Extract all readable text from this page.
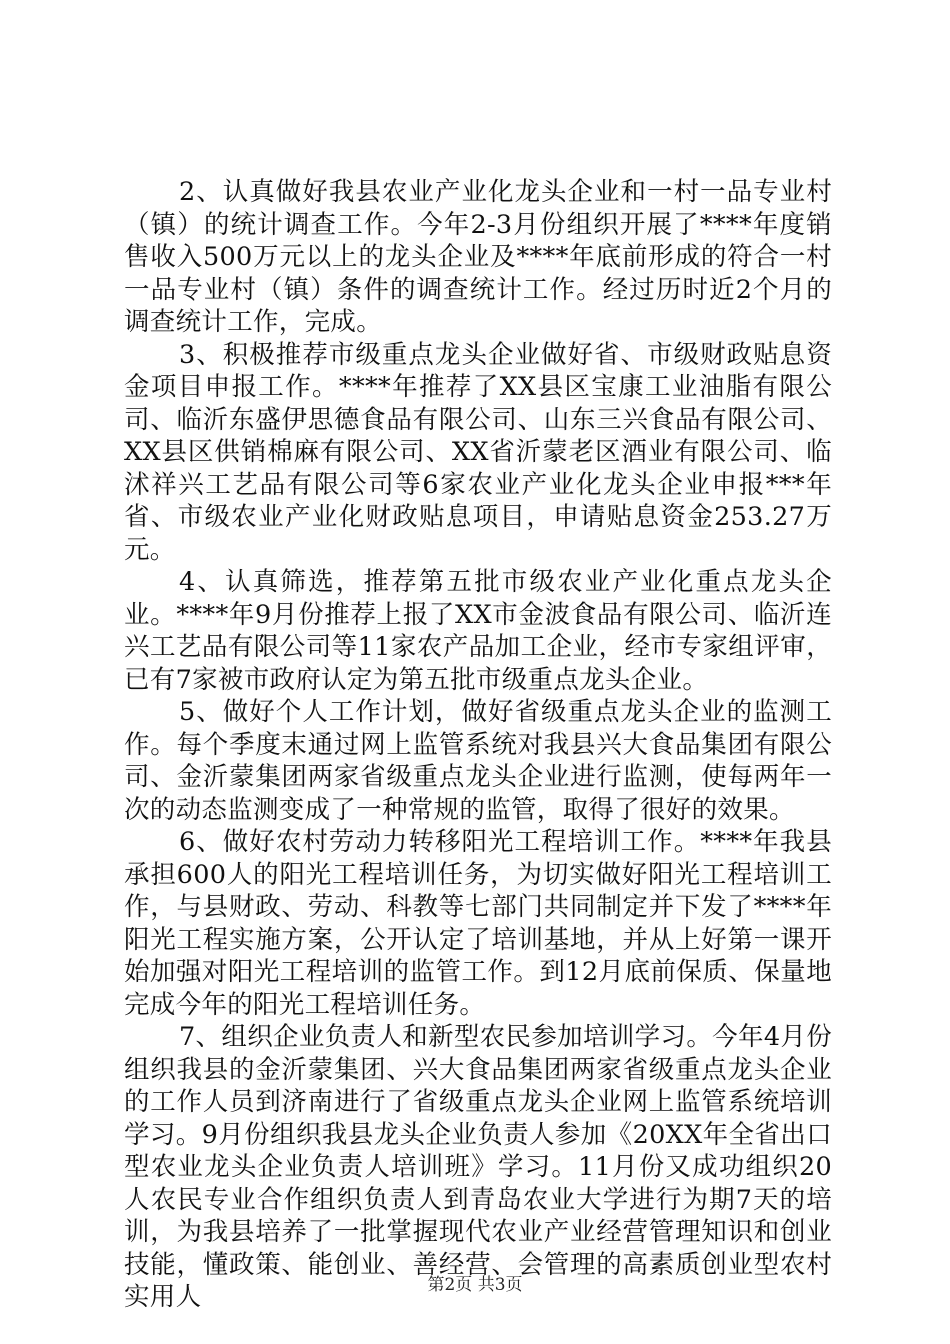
2、认真做好我县农业产业化龙头企业和一村一品专业村（镇）的统计调查工作。今年2-3月份组织开展了****年度销售收入500万元以上的龙头企业及****年底前形成的符合一村一品专业村（镇）条件的调查统计工作。经过历时近2个月的调查统计工作，完成。

3、积极推荐市级重点龙头企业做好省、市级财政贴息资金项目申报工作。****年推荐了XX县区宝康工业油脂有限公司、临沂东盛伊思德食品有限公司、山东三兴食品有限公司、XX县区供销棉麻有限公司、XX省沂蒙老区酒业有限公司、临沭祥兴工艺品有限公司等6家农业产业化龙头企业申报***年省、市级农业产业化财政贴息项目，申请贴息资金253.27万元。

4、认真筛选，推荐第五批市级农业产业化重点龙头企业。****年9月份推荐上报了XX市金波食品有限公司、临沂连兴工艺品有限公司等11家农产品加工企业，经市专家组评审，已有7家被市政府认定为第五批市级重点龙头企业。

5、做好个人工作计划，做好省级重点龙头企业的监测工作。每个季度末通过网上监管系统对我县兴大食品集团有限公司、金沂蒙集团两家省级重点龙头企业进行监测，使每两年一次的动态监测变成了一种常规的监管，取得了很好的效果。

6、做好农村劳动力转移阳光工程培训工作。****年我县承担600人的阳光工程培训任务，为切实做好阳光工程培训工作，与县财政、劳动、科教等七部门共同制定并下发了****年阳光工程实施方案，公开认定了培训基地，并从上好第一课开始加强对阳光工程培训的监管工作。到12月底前保质、保量地完成今年的阳光工程培训任务。

7、组织企业负责人和新型农民参加培训学习。今年4月份组织我县的金沂蒙集团、兴大食品集团两家省级重点龙头企业的工作人员到济南进行了省级重点龙头企业网上监管系统培训学习。9月份组织我县龙头企业负责人参加《20XX年全省出口型农业龙头企业负责人培训班》学习。11月份又成功组织20人农民专业合作组织负责人到青岛农业大学进行为期7天的培训，为我县培养了一批掌握现代农业产业经营管理知识和创业技能，懂政策、能创业、善经营、会管理的高素质创业型农村实用人	第2页 共3页
